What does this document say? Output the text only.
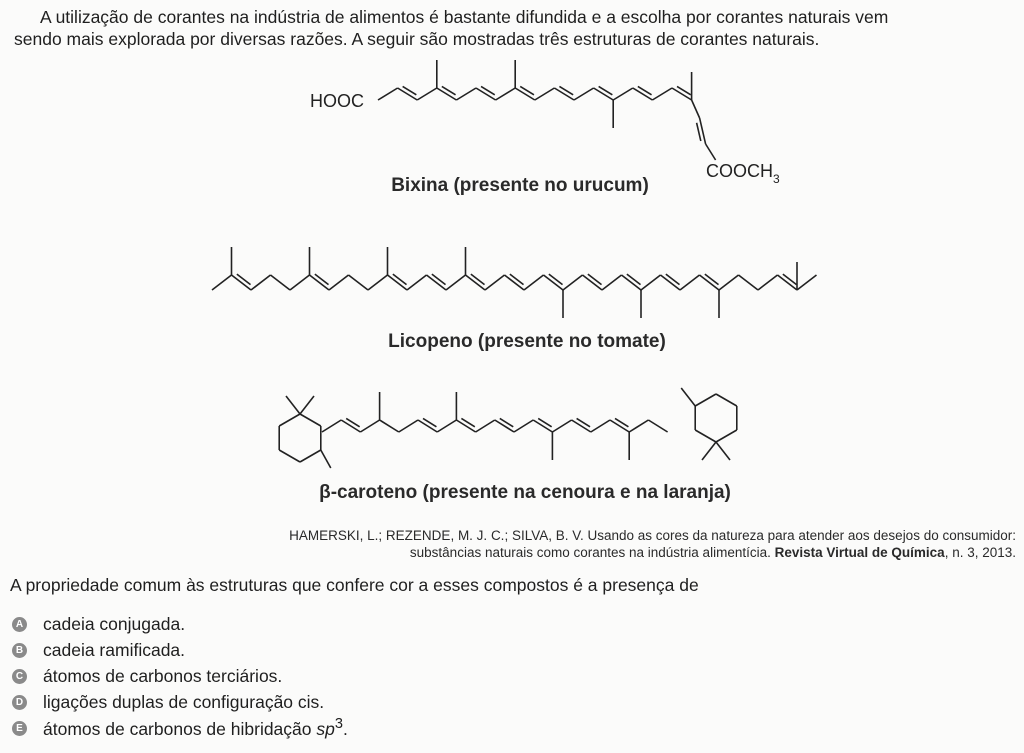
A utilização de corantes na indústria de alimentos é bastante difundida e a escolha por corantes naturais vem
sendo mais explorada por diversas razões. A seguir são mostradas três estruturas de corantes naturais.

HOOC
$COOCH_3$
Bixina (presente no urucum)
Licopeno (presente no tomate)
β-caroteno (presente na cenoura e na laranja)
HAMERSKI, L.; REZENDE, M. J. C.; SILVA, B. V. Usando as cores da natureza para atender aos desejos do consumidor:
substâncias naturais como corantes na indústria alimentícia. Revista Virtual de Química, n. 3, 2013.

A propriedade comum às estruturas que confere cor a esses compostos é a presença de

A cadeia conjugada.
B cadeia ramificada.
C átomos de carbonos terciários.
D ligações duplas de configuração cis.
E átomos de carbonos de hibridação $sp^3$.
